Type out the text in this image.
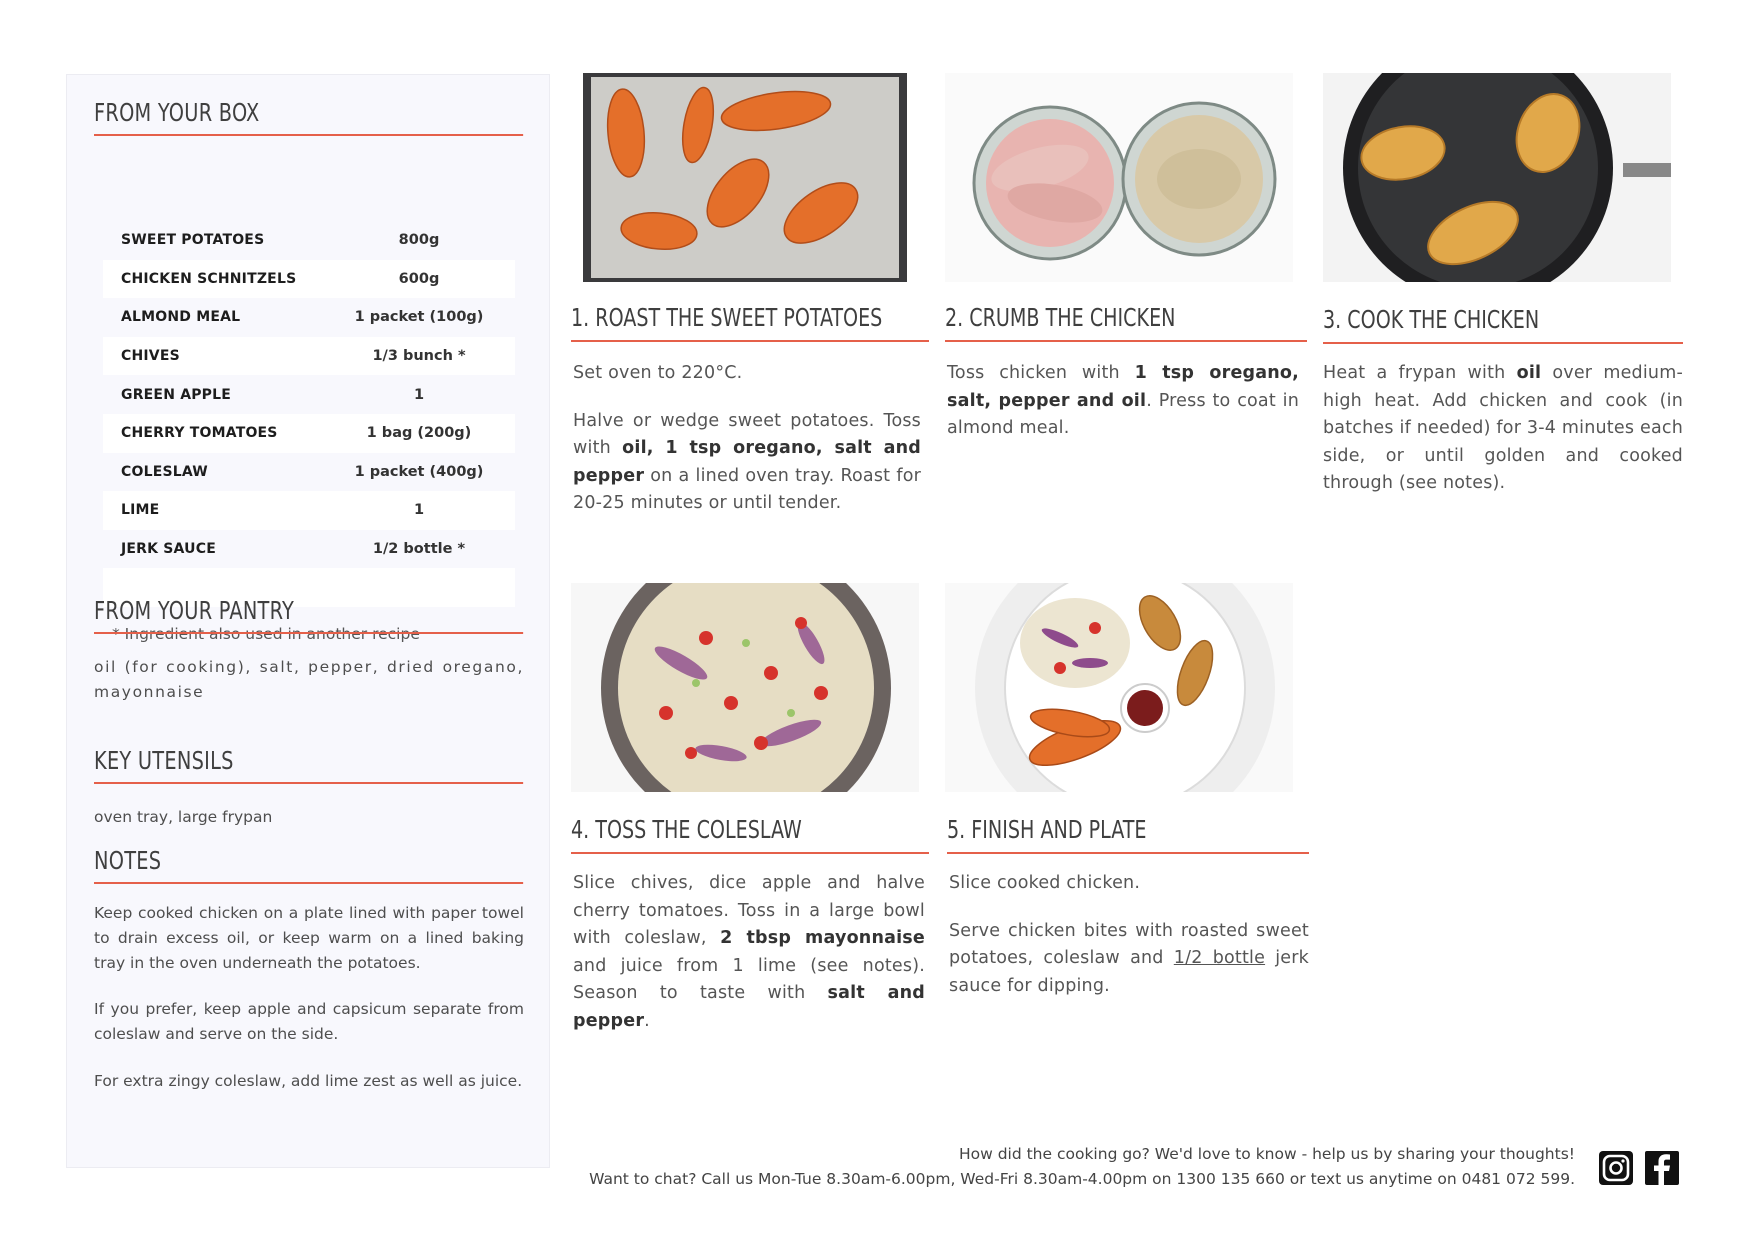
FROM YOUR BOX
SWEET POTATOES	800g
CHICKEN SCHNITZELS	600g
ALMOND MEAL	1 packet (100g)
CHIVES	1/3 bunch *
GREEN APPLE	1
CHERRY TOMATOES	1 bag (200g)
COLESLAW	1 packet (400g)
LIME	1
JERK SAUCE	1/2 bottle *
* Ingredient also used in another recipe
FROM YOUR PANTRY
oil (for cooking), salt, pepper, dried oregano, mayonnaise
KEY UTENSILS
oven tray, large frypan
NOTES
Keep cooked chicken on a plate lined with paper towel to drain excess oil, or keep warm on a lined baking tray in the oven underneath the potatoes.
If you prefer, keep apple and capsicum separate from coleslaw and serve on the side.
For extra zingy coleslaw, add lime zest as well as juice.
1. ROAST THE SWEET POTATOES	2. CRUMB THE CHICKEN	3. COOK THE CHICKEN
4. TOSS THE COLESLAW	5. FINISH AND PLATE

Set oven to 220°C.

Halve or wedge sweet potatoes. Toss with oil, 1 tsp oregano, salt and pepper on a lined oven tray. Roast for 20-25 minutes or until tender.

Toss chicken with 1 tsp oregano, salt, pepper and oil. Press to coat in almond meal.

Heat a frypan with oil over medium-high heat. Add chicken and cook (in batches if needed) for 3-4 minutes each side, or until golden and cooked through (see notes).

Slice chives, dice apple and halve cherry tomatoes. Toss in a large bowl with coleslaw, 2 tbsp mayonnaise and juice from 1 lime (see notes). Season to taste with salt and pepper.

Slice cooked chicken.

Serve chicken bites with roasted sweet potatoes, coleslaw and 1/2 bottle jerk sauce for dipping.

How did the cooking go? We'd love to know - help us by sharing your thoughts!
Want to chat? Call us Mon-Tue 8.30am-6.00pm, Wed-Fri 8.30am-4.00pm on 1300 135 660 or text us anytime on 0481 072 599.
